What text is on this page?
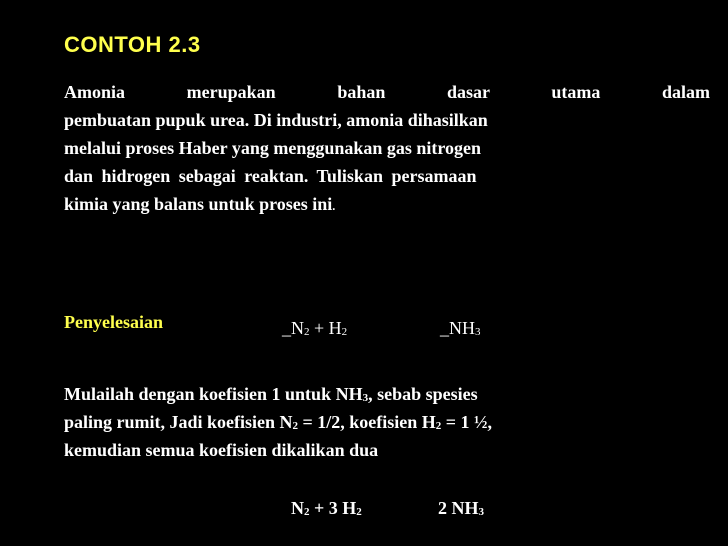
CONTOH 2.3
Amonia merupakan bahan dasar utama dalam
pembuatan pupuk urea. Di industri, amonia dihasilkan
melalui proses Haber yang menggunakan gas nitrogen
dan hidrogen sebagai reaktan. Tuliskan persamaan
kimia yang balans untuk proses ini.
Penyelesaian	$\_N_2 + H_2$	$\_NH_3$
Mulailah dengan koefisien 1 untuk $NH_3$, sebab spesies
paling rumit, Jadi koefisien $N_2 = 1/2$, koefisien $H_2 = 1$ ½,
kemudian semua koefisien dikalikan dua
$N_2 + 3$ $H_2$	2 $NH_3$
